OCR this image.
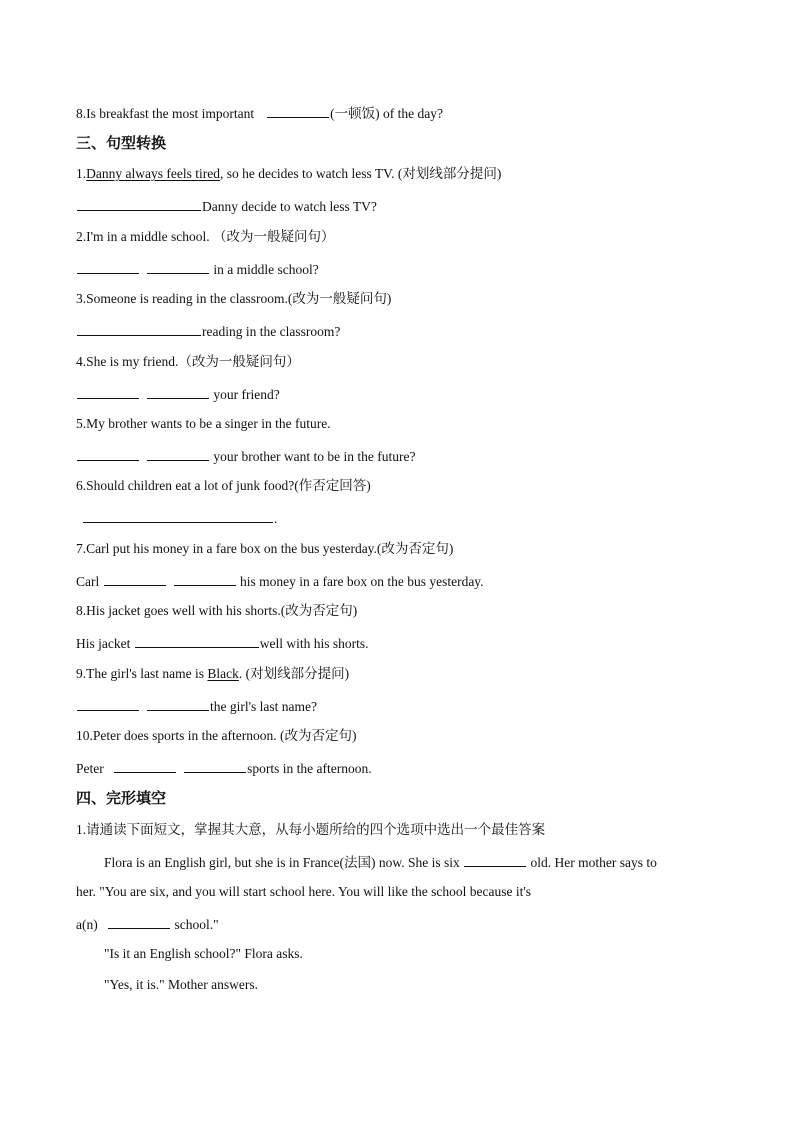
8.Is breakfast the most important	(一顿饭) of the day?
三、句型转换
1.Danny always feels tired, so he decides to watch less TV. (对划线部分提问)
Danny decide to watch less TV?
2.I'm in a middle school. （改为一般疑问句）
in a middle school?
3.Someone is reading in the classroom.(改为一般疑问句)
reading in the classroom?
4.She is my friend.（改为一般疑问句）
your friend?
5.My brother wants to be a singer in the future.
your brother want to be in the future?
6.Should children eat a lot of junk food?(作否定回答)
.
7.Carl put his money in a fare box on the bus yesterday.(改为否定句)
Carl	his money in a fare box on the bus yesterday.
8.His jacket goes well with his shorts.(改为否定句)
His jacket	well with his shorts.
9.The girl's last name is Black. (对划线部分提问)
the girl's last name?
10.Peter does sports in the afternoon. (改为否定句)
Peter	sports in the afternoon.
四、完形填空
1.请通读下面短文，掌握其大意，从每小题所给的四个选项中选出一个最佳答案
Flora is an English girl, but she is in France(法国) now. She is six	old. Her mother says to
her. "You are six, and you will start school here. You will like the school because it's
a(n)	school."
"Is it an English school?" Flora asks.
"Yes, it is." Mother answers.
